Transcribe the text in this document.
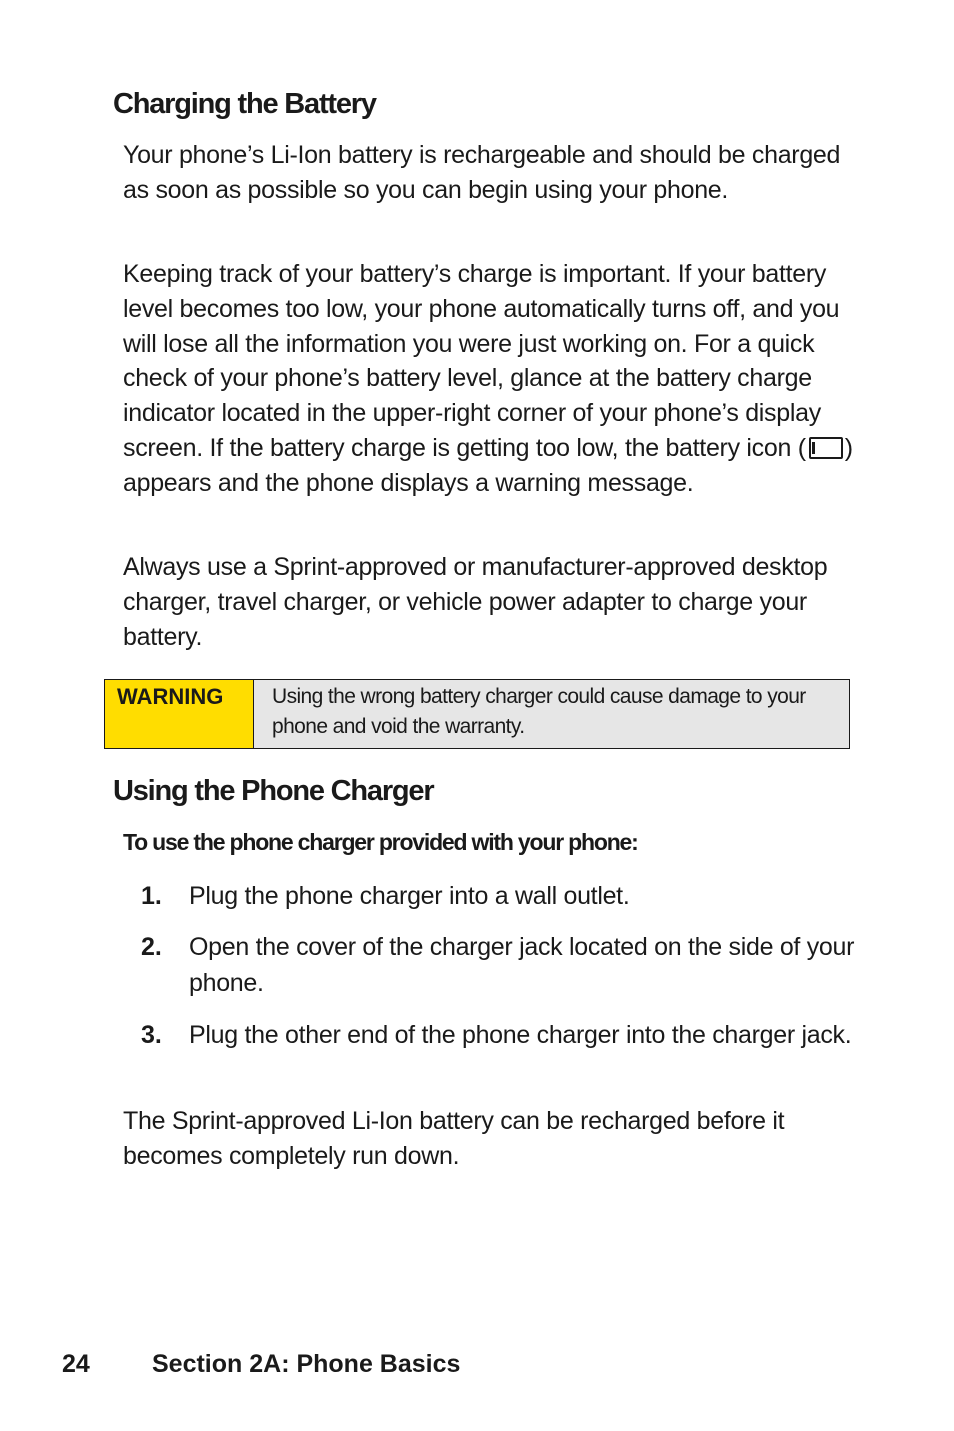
Charging the Battery

Your phone’s Li-Ion battery is rechargeable and should be charged as soon as possible so you can begin using your phone.

Keeping track of your battery’s charge is important. If your battery level becomes too low, your phone automatically turns off, and you will lose all the information you were just working on. For a quick check of your phone’s battery level, glance at the battery charge indicator located in the upper-right corner of your phone’s display screen. If the battery charge is getting too low, the battery icon ( ) appears and the phone displays a warning message.

Always use a Sprint-approved or manufacturer-approved desktop charger, travel charger, or vehicle power adapter to charge your battery.

WARNING	Using the wrong battery charger could cause damage to your phone and void the warranty.
Using the Phone Charger

To use the phone charger provided with your phone:

1. Plug the phone charger into a wall outlet.
2. Open the cover of the charger jack located on the side of your phone.
3. Plug the other end of the phone charger into the charger jack.

The Sprint-approved Li-Ion battery can be recharged before it becomes completely run down.

24 Section 2A: Phone Basics
